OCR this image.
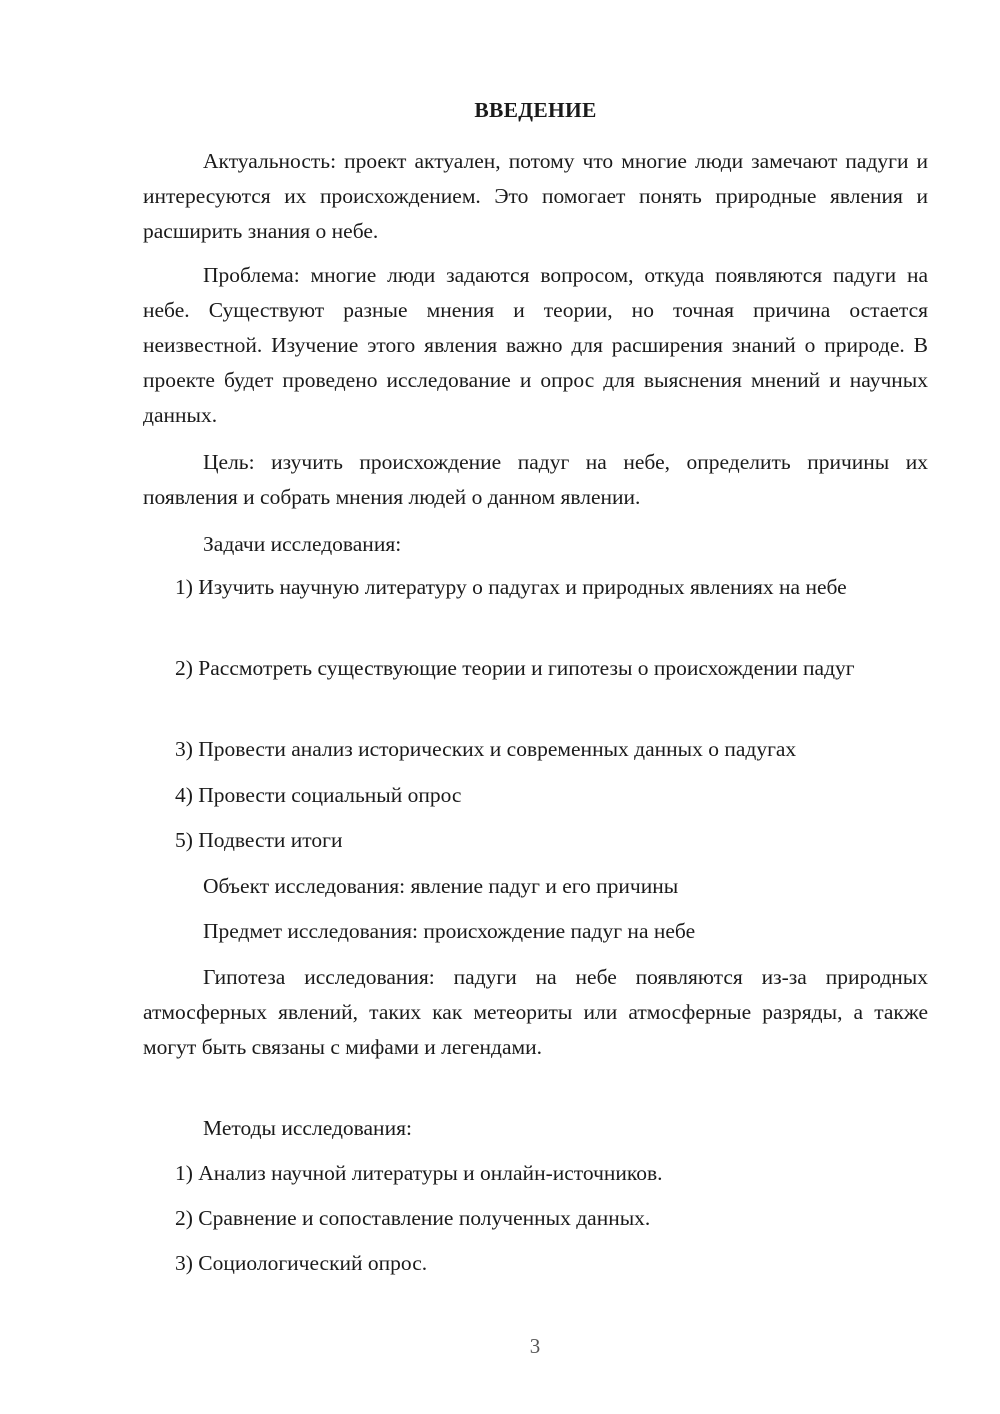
ВВЕДЕНИЕ
Актуальность: проект актуален, потому что многие люди замечают падуги и интересуются их происхождением. Это помогает понять природные явления и расширить знания о небе.
Проблема: многие люди задаются вопросом, откуда появляются падуги на небе. Существуют разные мнения и теории, но точная причина остается неизвестной. Изучение этого явления важно для расширения знаний о природе. В проекте будет проведено исследование и опрос для выяснения мнений и научных данных.
Цель: изучить происхождение падуг на небе, определить причины их появления и собрать мнения людей о данном явлении.
Задачи исследования:
1) Изучить научную литературу о падугах и природных явлениях на небе
2) Рассмотреть существующие теории и гипотезы о происхождении падуг
3) Провести анализ исторических и современных данных о падугах
4) Провести социальный опрос
5) Подвести итоги
Объект исследования: явление падуг и его причины
Предмет исследования: происхождение падуг на небе
Гипотеза исследования: падуги на небе появляются из-за природных атмосферных явлений, таких как метеориты или атмосферные разряды, а также могут быть связаны с мифами и легендами.
Методы исследования:
1) Анализ научной литературы и онлайн-источников.
2) Сравнение и сопоставление полученных данных.
3) Социологический опрос.
3
